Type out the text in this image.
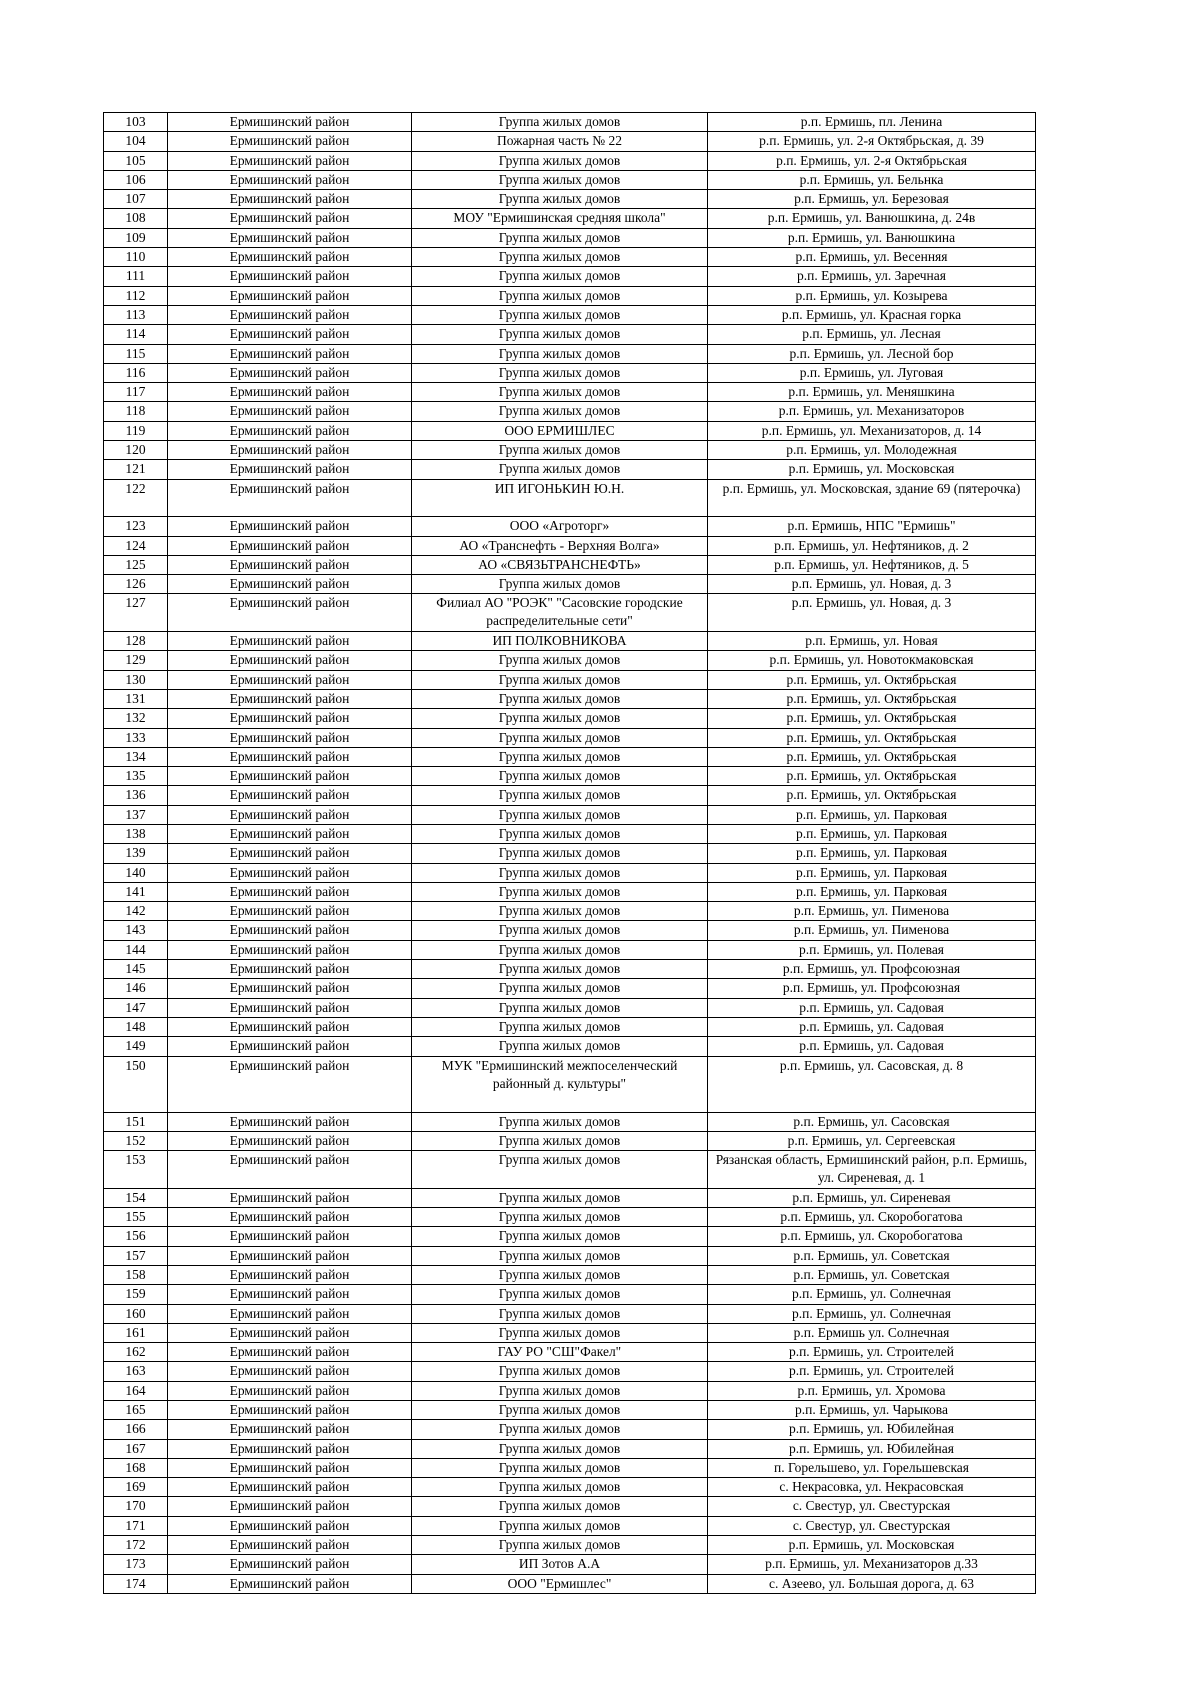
103	Ермишинский район	Группа жилых домов	р.п. Ермишь, пл. Ленина
104	Ермишинский район	Пожарная часть № 22	р.п. Ермишь, ул. 2-я Октябрьская, д. 39
105	Ермишинский район	Группа жилых домов	р.п. Ермишь, ул. 2-я Октябрьская
106	Ермишинский район	Группа жилых домов	р.п. Ермишь, ул. Бельнка
107	Ермишинский район	Группа жилых домов	р.п. Ермишь, ул. Березовая
108	Ермишинский район	МОУ "Ермишинская средняя школа"	р.п. Ермишь, ул. Ванюшкина, д. 24в
109	Ермишинский район	Группа жилых домов	р.п. Ермишь, ул. Ванюшкина
110	Ермишинский район	Группа жилых домов	р.п. Ермишь, ул. Весенняя
111	Ермишинский район	Группа жилых домов	р.п. Ермишь, ул. Заречная
112	Ермишинский район	Группа жилых домов	р.п. Ермишь, ул. Козырева
113	Ермишинский район	Группа жилых домов	р.п. Ермишь, ул. Красная горка
114	Ермишинский район	Группа жилых домов	р.п. Ермишь, ул. Лесная
115	Ермишинский район	Группа жилых домов	р.п. Ермишь, ул. Лесной бор
116	Ермишинский район	Группа жилых домов	р.п. Ермишь, ул. Луговая
117	Ермишинский район	Группа жилых домов	р.п. Ермишь, ул. Меняшкина
118	Ермишинский район	Группа жилых домов	р.п. Ермишь, ул. Механизаторов
119	Ермишинский район	ООО ЕРМИШЛЕС	р.п. Ермишь, ул. Механизаторов, д. 14
120	Ермишинский район	Группа жилых домов	р.п. Ермишь, ул. Молодежная
121	Ермишинский район	Группа жилых домов	р.п. Ермишь, ул. Московская
122	Ермишинский район	ИП ИГОНЬКИН Ю.Н.	р.п. Ермишь, ул. Московская, здание 69 (пятерочка)
123	Ермишинский район	ООО «Агроторг»	р.п. Ермишь, НПС "Ермишь"
124	Ермишинский район	АО «Транснефть - Верхняя Волга»	р.п. Ермишь, ул. Нефтяников, д. 2
125	Ермишинский район	АО «СВЯЗЬТРАНСНЕФТЬ»	р.п. Ермишь, ул. Нефтяников, д. 5
126	Ермишинский район	Группа жилых домов	р.п. Ермишь, ул. Новая, д. 3
127	Ермишинский район	Филиал АО "РОЭК" "Сасовские городские распределительные сети"	р.п. Ермишь, ул. Новая, д. 3
128	Ермишинский район	ИП ПОЛКОВНИКОВА	р.п. Ермишь, ул. Новая
129	Ермишинский район	Группа жилых домов	р.п. Ермишь, ул. Новотокмаковская
130	Ермишинский район	Группа жилых домов	р.п. Ермишь, ул. Октябрьская
131	Ермишинский район	Группа жилых домов	р.п. Ермишь, ул. Октябрьская
132	Ермишинский район	Группа жилых домов	р.п. Ермишь, ул. Октябрьская
133	Ермишинский район	Группа жилых домов	р.п. Ермишь, ул. Октябрьская
134	Ермишинский район	Группа жилых домов	р.п. Ермишь, ул. Октябрьская
135	Ермишинский район	Группа жилых домов	р.п. Ермишь, ул. Октябрьская
136	Ермишинский район	Группа жилых домов	р.п. Ермишь, ул. Октябрьская
137	Ермишинский район	Группа жилых домов	р.п. Ермишь, ул. Парковая
138	Ермишинский район	Группа жилых домов	р.п. Ермишь, ул. Парковая
139	Ермишинский район	Группа жилых домов	р.п. Ермишь, ул. Парковая
140	Ермишинский район	Группа жилых домов	р.п. Ермишь, ул. Парковая
141	Ермишинский район	Группа жилых домов	р.п. Ермишь, ул. Парковая
142	Ермишинский район	Группа жилых домов	р.п. Ермишь, ул. Пименова
143	Ермишинский район	Группа жилых домов	р.п. Ермишь, ул. Пименова
144	Ермишинский район	Группа жилых домов	р.п. Ермишь, ул. Полевая
145	Ермишинский район	Группа жилых домов	р.п. Ермишь, ул. Профсоюзная
146	Ермишинский район	Группа жилых домов	р.п. Ермишь, ул. Профсоюзная
147	Ермишинский район	Группа жилых домов	р.п. Ермишь, ул. Садовая
148	Ермишинский район	Группа жилых домов	р.п. Ермишь, ул. Садовая
149	Ермишинский район	Группа жилых домов	р.п. Ермишь, ул. Садовая
150	Ермишинский район	МУК "Ермишинский межпоселенческий районный д. культуры"	р.п. Ермишь, ул. Сасовская, д. 8
151	Ермишинский район	Группа жилых домов	р.п. Ермишь, ул. Сасовская
152	Ермишинский район	Группа жилых домов	р.п. Ермишь, ул. Сергеевская
153	Ермишинский район	Группа жилых домов	Рязанская область, Ермишинский район, р.п. Ермишь, ул. Сиреневая, д. 1
154	Ермишинский район	Группа жилых домов	р.п. Ермишь, ул. Сиреневая
155	Ермишинский район	Группа жилых домов	р.п. Ермишь, ул. Скоробогатова
156	Ермишинский район	Группа жилых домов	р.п. Ермишь, ул. Скоробогатова
157	Ермишинский район	Группа жилых домов	р.п. Ермишь, ул. Советская
158	Ермишинский район	Группа жилых домов	р.п. Ермишь, ул. Советская
159	Ермишинский район	Группа жилых домов	р.п. Ермишь, ул. Солнечная
160	Ермишинский район	Группа жилых домов	р.п. Ермишь, ул. Солнечная
161	Ермишинский район	Группа жилых домов	р.п. Ермишь ул. Солнечная
162	Ермишинский район	ГАУ РО "СШ"Факел"	р.п. Ермишь, ул. Строителей
163	Ермишинский район	Группа жилых домов	р.п. Ермишь, ул. Строителей
164	Ермишинский район	Группа жилых домов	р.п. Ермишь, ул. Хромова
165	Ермишинский район	Группа жилых домов	р.п. Ермишь, ул. Чарыкова
166	Ермишинский район	Группа жилых домов	р.п. Ермишь, ул. Юбилейная
167	Ермишинский район	Группа жилых домов	р.п. Ермишь, ул. Юбилейная
168	Ермишинский район	Группа жилых домов	п. Горельшево, ул. Горельшевская
169	Ермишинский район	Группа жилых домов	с. Некрасовка, ул. Некрасовская
170	Ермишинский район	Группа жилых домов	с. Свестур, ул. Свестурская
171	Ермишинский район	Группа жилых домов	с. Свестур, ул. Свестурская
172	Ермишинский район	Группа жилых домов	р.п. Ермишь, ул. Московская
173	Ермишинский район	ИП Зотов А.А	р.п. Ермишь, ул. Механизаторов д.33
174	Ермишинский район	ООО "Ермишлес"	с. Азеево, ул. Большая дорога, д. 63
